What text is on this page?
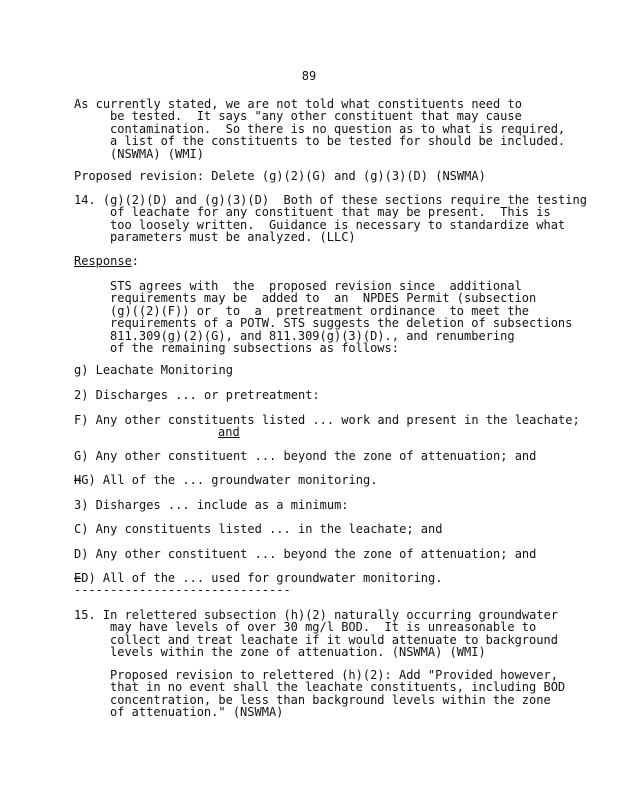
89
As currently stated, we are not told what constituents need to
be tested.  It says "any other constituent that may cause
contamination.  So there is no question as to what is required,
a list of the constituents to be tested for should be included.
(NSWMA) (WMI)
Proposed revision: Delete (g)(2)(G) and (g)(3)(D) (NSWMA)
14. (g)(2)(D) and (g)(3)(D)  Both of these sections require the testing
of leachate for any constituent that may be present.  This is
too loosely written.  Guidance is necessary to standardize what
parameters must be analyzed. (LLC)
Response:
STS agrees with  the  proposed revision since  additional
requirements may be  added to  an  NPDES Permit (subsection
(g)((2)(F)) or  to  a  pretreatment ordinance  to meet the
requirements of a POTW. STS suggests the deletion of subsections
811.309(g)(2)(G), and 811.309(g)(3)(D)., and renumbering
of the remaining subsections as follows:
g) Leachate Monitoring
2) Discharges ... or pretreatment:
F) Any other constituents listed ... work and present in the leachate;
and
G) Any other constituent ... beyond the zone of attenuation; and
HG) All of the ... groundwater monitoring.
3) Disharges ... include as a minimum:
C) Any constituents listed ... in the leachate; and
D) Any other constituent ... beyond the zone of attenuation; and
ED) All of the ... used for groundwater monitoring.
------------------------------
15. In relettered subsection (h)(2) naturally occurring groundwater
may have levels of over 30 mg/l BOD.  It is unreasonable to
collect and treat leachate if it would attenuate to background
levels within the zone of attenuation. (NSWMA) (WMI)
Proposed revision to relettered (h)(2): Add "Provided however,
that in no event shall the leachate constituents, including BOD
concentration, be less than background levels within the zone
of attenuation." (NSWMA)
